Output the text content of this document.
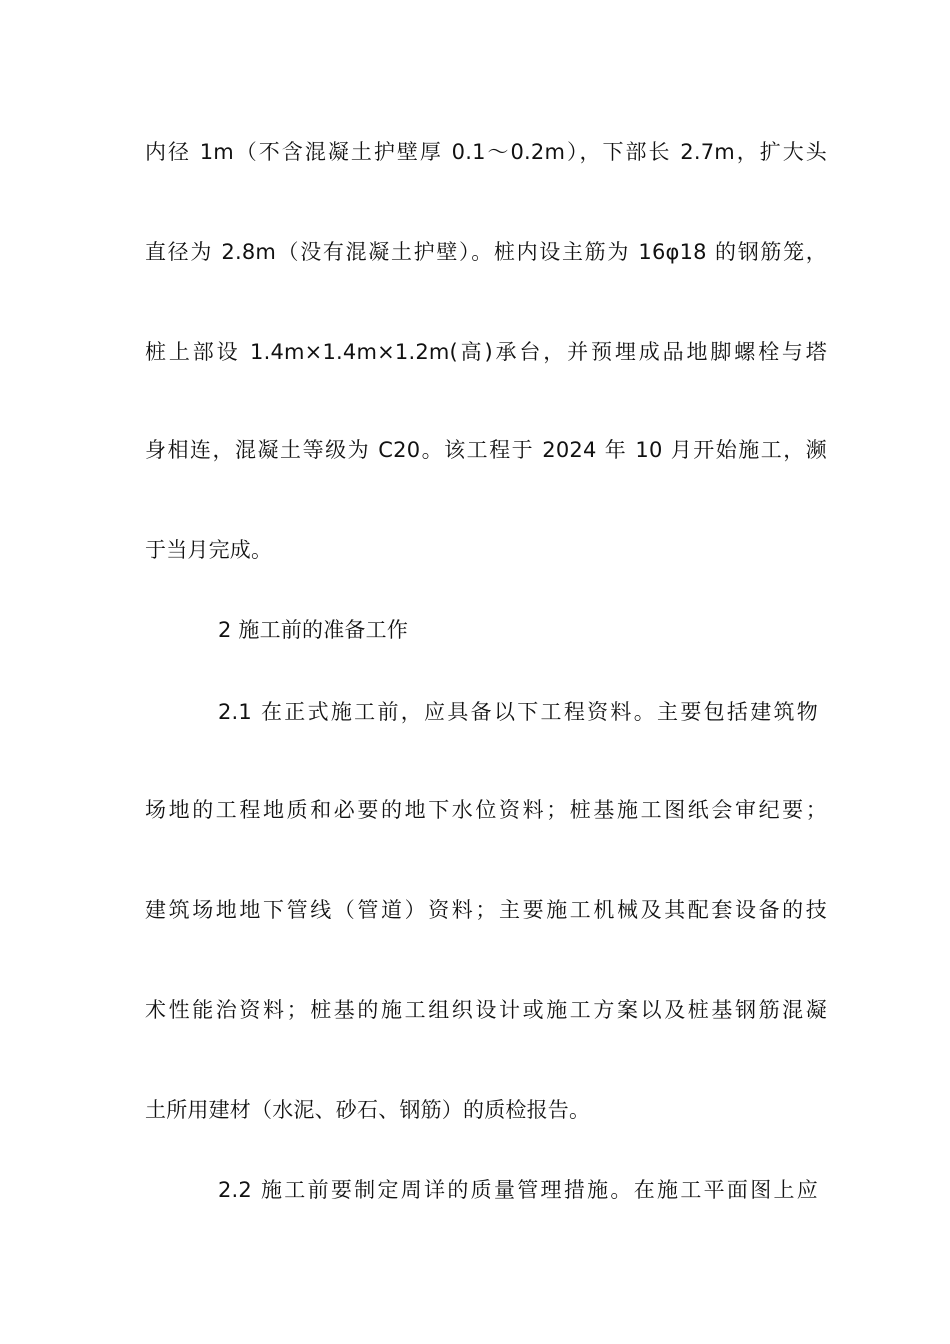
内径 1m（不含混凝土护壁厚 0.1～0.2m），下部长 2.7m，扩大头
直径为 2.8m（没有混凝土护壁）。桩内设主筋为 16φ18 的钢筋笼，
桩上部设 1.4m×1.4m×1.2m(高)承台，并预埋成品地脚螺栓与塔
身相连，混凝土等级为 C20。该工程于 2024 年 10 月开始施工，濒
于当月完成。
2 施工前的准备工作
2.1 在正式施工前，应具备以下工程资料。主要包括建筑物
场地的工程地质和必要的地下水位资料；桩基施工图纸会审纪要；
建筑场地地下管线（管道）资料；主要施工机械及其配套设备的技
术性能治资料；桩基的施工组织设计或施工方案以及桩基钢筋混凝
土所用建材（水泥、砂石、钢筋）的质检报告。
2.2 施工前要制定周详的质量管理措施。在施工平面图上应
